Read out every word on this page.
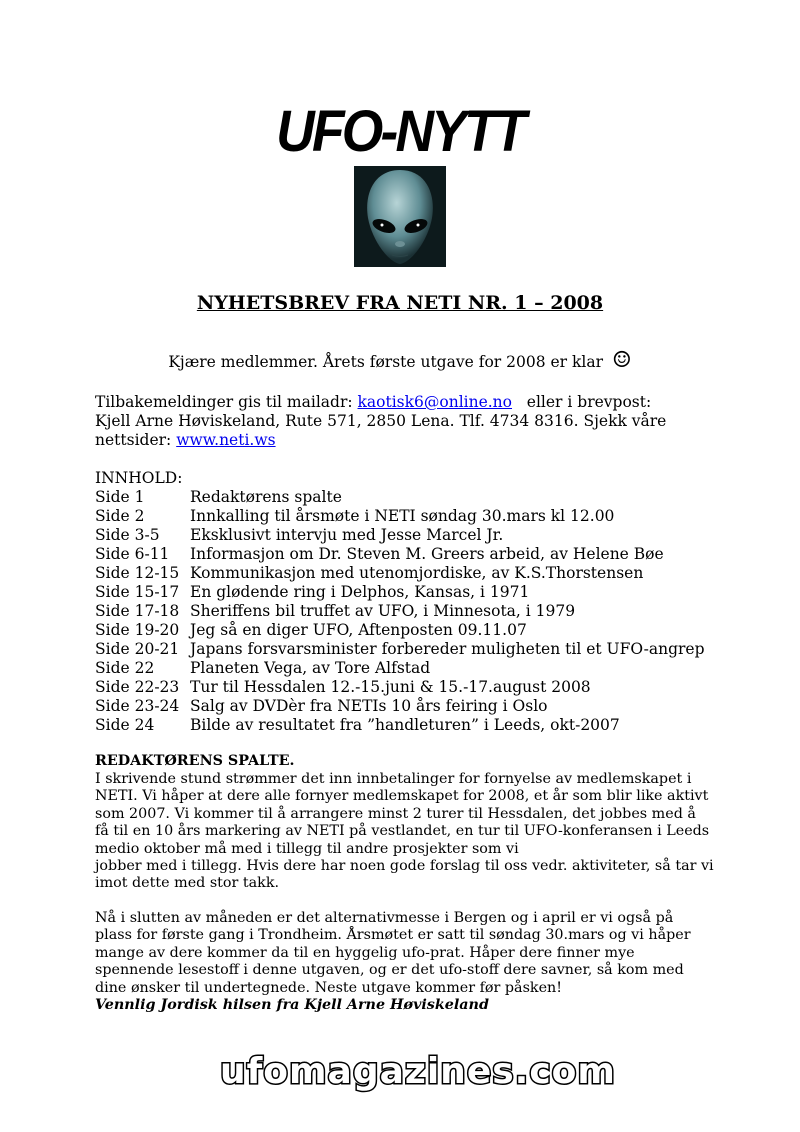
UFO-NYTT
NYHETSBREV FRA NETI NR. 1 – 2008
Kjære medlemmer. Årets første utgave for 2008 er klar ☺
Tilbakemeldinger gis til mailadr: kaotisk6@online.no eller i brevpost:
Kjell Arne Høviskeland, Rute 571, 2850 Lena. Tlf. 4734 8316. Sjekk våre
nettsider: www.neti.ws
INNHOLD:
Side 1	Redaktørens spalte
Side 2	Innkalling til årsmøte i NETI søndag 30.mars kl 12.00
Side 3-5 Eksklusivt intervju med Jesse Marcel Jr.
Side 6-11 Informasjon om Dr. Steven M. Greers arbeid, av Helene Bøe
Side 12-15 Kommunikasjon med utenomjordiske, av K.S.Thorstensen
Side 15-17 En glødende ring i Delphos, Kansas, i 1971
Side 17-18 Sheriffens bil truffet av UFO, i Minnesota, i 1979
Side 19-20 Jeg så en diger UFO, Aftenposten 09.11.07
Side 20-21 Japans forsvarsminister forbereder muligheten til et UFO-angrep
Side 22 Planeten Vega, av Tore Alfstad
Side 22-23 Tur til Hessdalen 12.-15.juni & 15.-17.august 2008
Side 23-24 Salg av DVDèr fra NETIs 10 års feiring i Oslo
Side 24 Bilde av resultatet fra ”handleturen” i Leeds, okt-2007
REDAKTØRENS SPALTE.
I skrivende stund strømmer det inn innbetalinger for fornyelse av medlemskapet i
NETI. Vi håper at dere alle fornyer medlemskapet for 2008, et år som blir like aktivt
som 2007. Vi kommer til å arrangere minst 2 turer til Hessdalen, det jobbes med å
få til en 10 års markering av NETI på vestlandet, en tur til UFO-konferansen i Leeds
medio oktober må med i tillegg til andre prosjekter som vi
jobber med i tillegg. Hvis dere har noen gode forslag til oss vedr. aktiviteter, så tar vi
imot dette med stor takk.
Nå i slutten av måneden er det alternativmesse i Bergen og i april er vi også på
plass for første gang i Trondheim. Årsmøtet er satt til søndag 30.mars og vi håper
mange av dere kommer da til en hyggelig ufo-prat. Håper dere finner mye
spennende lesestoff i denne utgaven, og er det ufo-stoff dere savner, så kom med
dine ønsker til undertegnede. Neste utgave kommer før påsken!
Vennlig Jordisk hilsen fra Kjell Arne Høviskeland
ufomagazines.com
